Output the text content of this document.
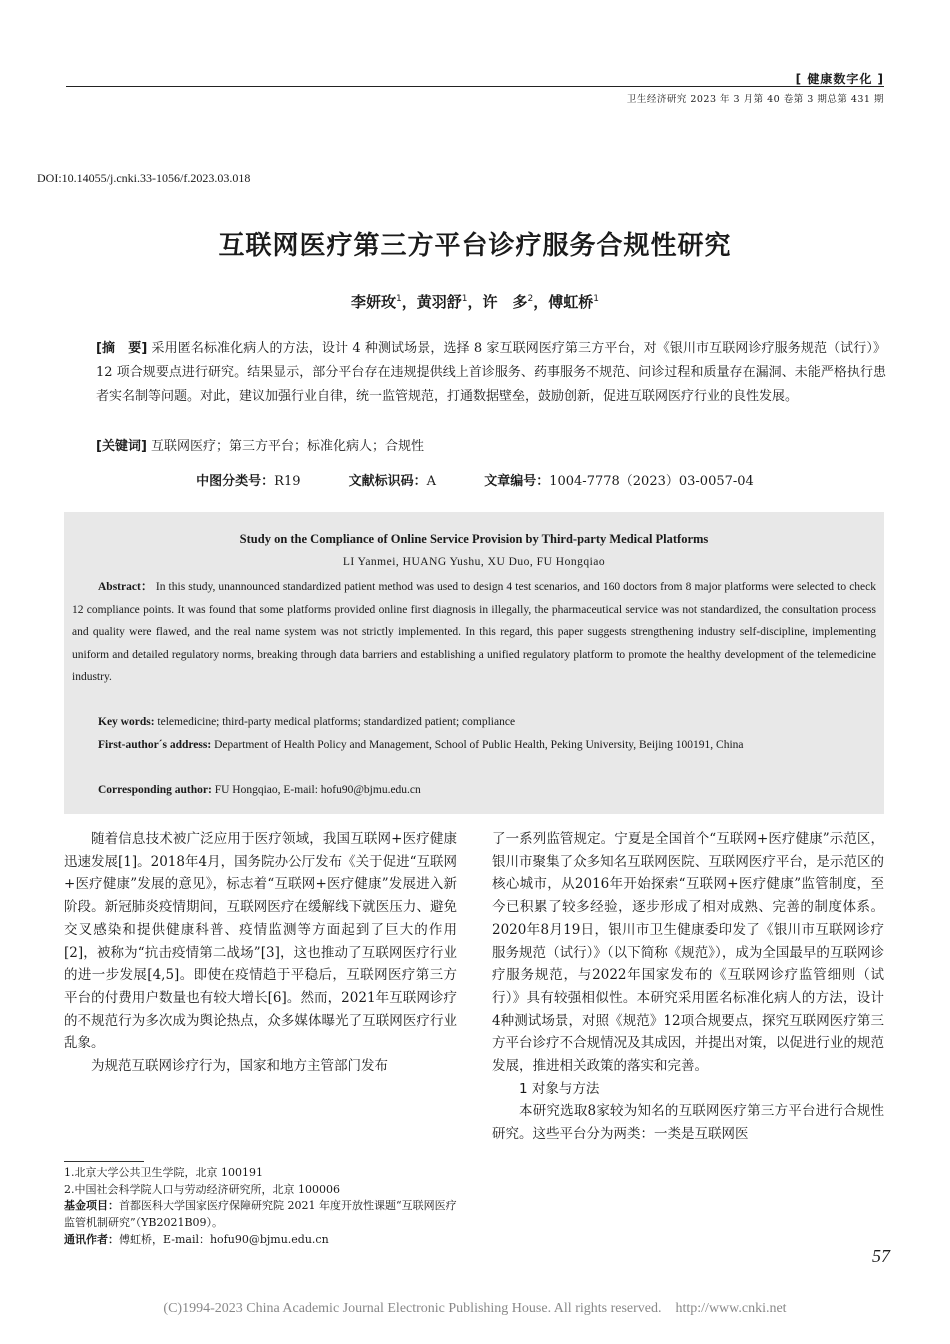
[ 健康数字化 ]
卫生经济研究 2023 年 3 月第 40 卷第 3 期总第 431 期
DOI:10.14055/j.cnki.33-1056/f.2023.03.018
互联网医疗第三方平台诊疗服务合规性研究
李妍玫$^1$，黄羽舒$^1$，许　多$^2$，傅虹桥$^1$
[摘　要] 采用匿名标准化病人的方法，设计 4 种测试场景，选择 8 家互联网医疗第三方平台，对《银川市互联网诊疗服务规范（试行）》12 项合规要点进行研究。结果显示，部分平台存在违规提供线上首诊服务、药事服务不规范、问诊过程和质量存在漏洞、未能严格执行患者实名制等问题。对此，建议加强行业自律，统一监管规范，打通数据壁垒，鼓励创新，促进互联网医疗行业的良性发展。
[关键词] 互联网医疗；第三方平台；标准化病人；合规性
中图分类号：R19	文献标识码：A	文章编号：1004-7778（2023）03-0057-04
Study on the Compliance of Online Service Provision by Third-party Medical Platforms
LI Yanmei, HUANG Yushu, XU Duo, FU Hongqiao
Abstract： In this study, unannounced standardized patient method was used to design 4 test scenarios, and 160 doctors from 8 major platforms were selected to check 12 compliance points. It was found that some platforms provided online first diagnosis in illegally, the pharmaceutical service was not standardized, the consultation process and quality were flawed, and the real name system was not strictly implemented. In this regard, this paper suggests strengthening industry self-discipline, implementing uniform and detailed regulatory norms, breaking through data barriers and establishing a unified regulatory platform to promote the healthy development of the telemedicine industry.
Key words: telemedicine; third-party medical platforms; standardized patient; compliance
First-author´s address: Department of Health Policy and Management, School of Public Health, Peking University, Beijing 100191, China
Corresponding author: FU Hongqiao, E-mail: hofu90@bjmu.edu.cn

随着信息技术被广泛应用于医疗领域，我国互联网+医疗健康迅速发展[1]。2018年4月，国务院办公厅发布《关于促进“互联网+医疗健康”发展的意见》，标志着“互联网+医疗健康”发展进入新阶段。新冠肺炎疫情期间，互联网医疗在缓解线下就医压力、避免交叉感染和提供健康科普、疫情监测等方面起到了巨大的作用[2]，被称为“抗击疫情第二战场”[3]，这也推动了互联网医疗行业的进一步发展[4,5]。即使在疫情趋于平稳后，互联网医疗第三方平台的付费用户数量也有较大增长[6]。然而，2021年互联网诊疗的不规范行为多次成为舆论热点，众多媒体曝光了互联网医疗行业乱象。

为规范互联网诊疗行为，国家和地方主管部门发布

了一系列监管规定。宁夏是全国首个“互联网+医疗健康”示范区，银川市聚集了众多知名互联网医院、互联网医疗平台，是示范区的核心城市，从2016年开始探索“互联网+医疗健康”监管制度，至今已积累了较多经验，逐步形成了相对成熟、完善的制度体系。2020年8月19日，银川市卫生健康委印发了《银川市互联网诊疗服务规范（试行）》（以下简称《规范》），成为全国最早的互联网诊疗服务规范，与2022年国家发布的《互联网诊疗监管细则（试行）》具有较强相似性。本研究采用匿名标准化病人的方法，设计4种测试场景，对照《规范》12项合规要点，探究互联网医疗第三方平台诊疗不合规情况及其成因，并提出对策，以促进行业的规范发展，推进相关政策的落实和完善。

1 对象与方法

本研究选取8家较为知名的互联网医疗第三方平台进行合规性研究。这些平台分为两类：一类是互联网医

1.北京大学公共卫生学院，北京 100191
2.中国社会科学院人口与劳动经济研究所，北京 100006
基金项目：首都医科大学国家医疗保障研究院 2021 年度开放性课题“互联网医疗监管机制研究”（YB2021B09）。
通讯作者：傅虹桥，E-mail：hofu90@bjmu.edu.cn
57
(C)1994-2023 China Academic Journal Electronic Publishing House. All rights reserved.　http://www.cnki.net
